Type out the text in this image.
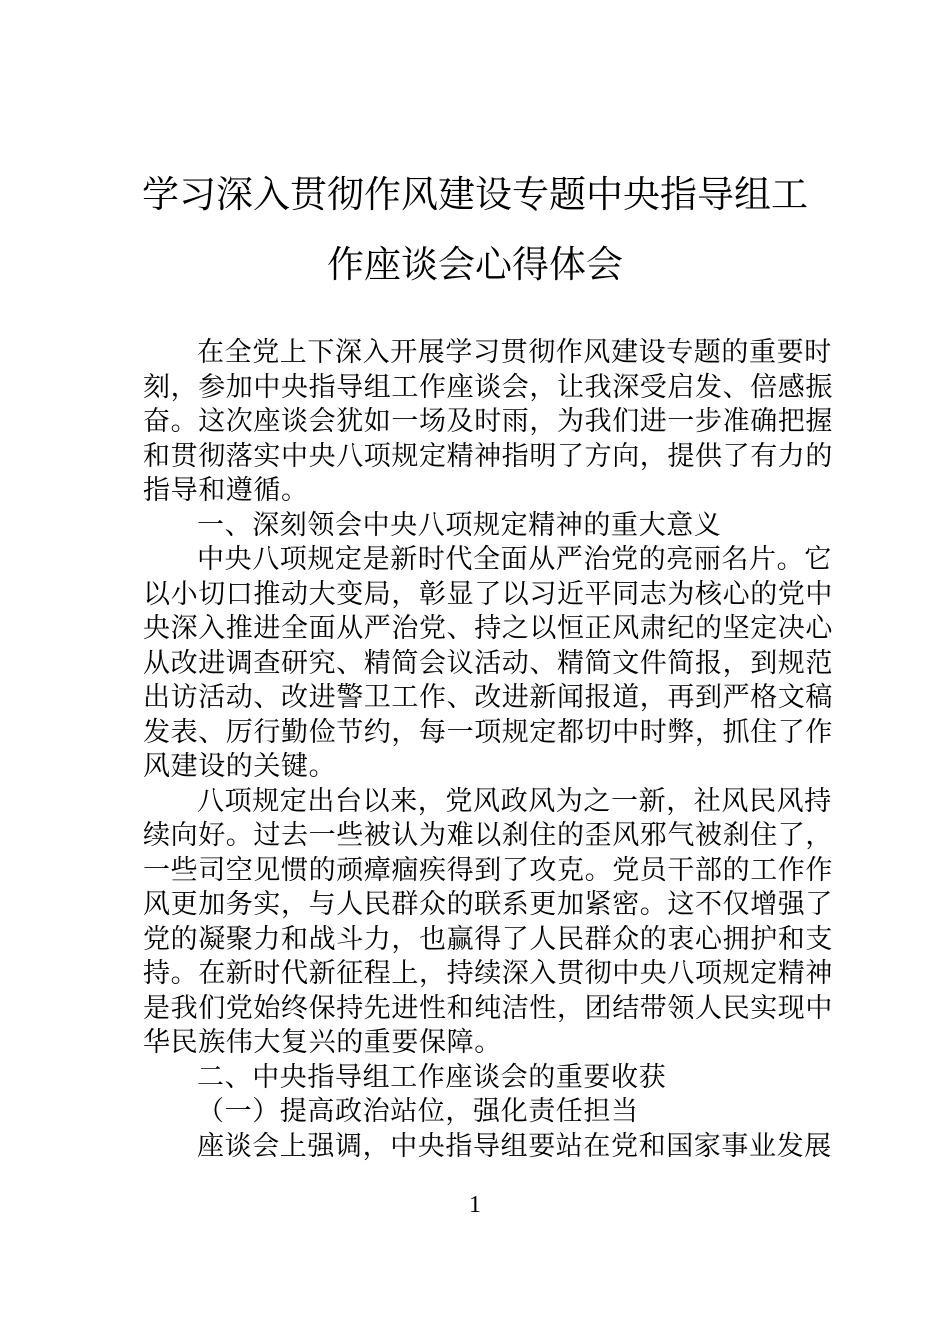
学习深入贯彻作风建设专题中央指导组工
作座谈会心得体会
在全党上下深入开展学习贯彻作风建设专题的重要时
刻，参加中央指导组工作座谈会，让我深受启发、倍感振
奋。这次座谈会犹如一场及时雨，为我们进一步准确把握
和贯彻落实中央八项规定精神指明了方向，提供了有力的
指导和遵循。
一、深刻领会中央八项规定精神的重大意义
中央八项规定是新时代全面从严治党的亮丽名片。它
以小切口推动大变局，彰显了以习近平同志为核心的党中
央深入推进全面从严治党、持之以恒正风肃纪的坚定决心
从改进调查研究、精简会议活动、精简文件简报，到规范
出访活动、改进警卫工作、改进新闻报道，再到严格文稿
发表、厉行勤俭节约，每一项规定都切中时弊，抓住了作
风建设的关键。
八项规定出台以来，党风政风为之一新，社风民风持
续向好。过去一些被认为难以刹住的歪风邪气被刹住了，
一些司空见惯的顽瘴痼疾得到了攻克。党员干部的工作作
风更加务实，与人民群众的联系更加紧密。这不仅增强了
党的凝聚力和战斗力，也赢得了人民群众的衷心拥护和支
持。在新时代新征程上，持续深入贯彻中央八项规定精神
是我们党始终保持先进性和纯洁性，团结带领人民实现中
华民族伟大复兴的重要保障。
二、中央指导组工作座谈会的重要收获
（一）提高政治站位，强化责任担当
座谈会上强调，中央指导组要站在党和国家事业发展
1
